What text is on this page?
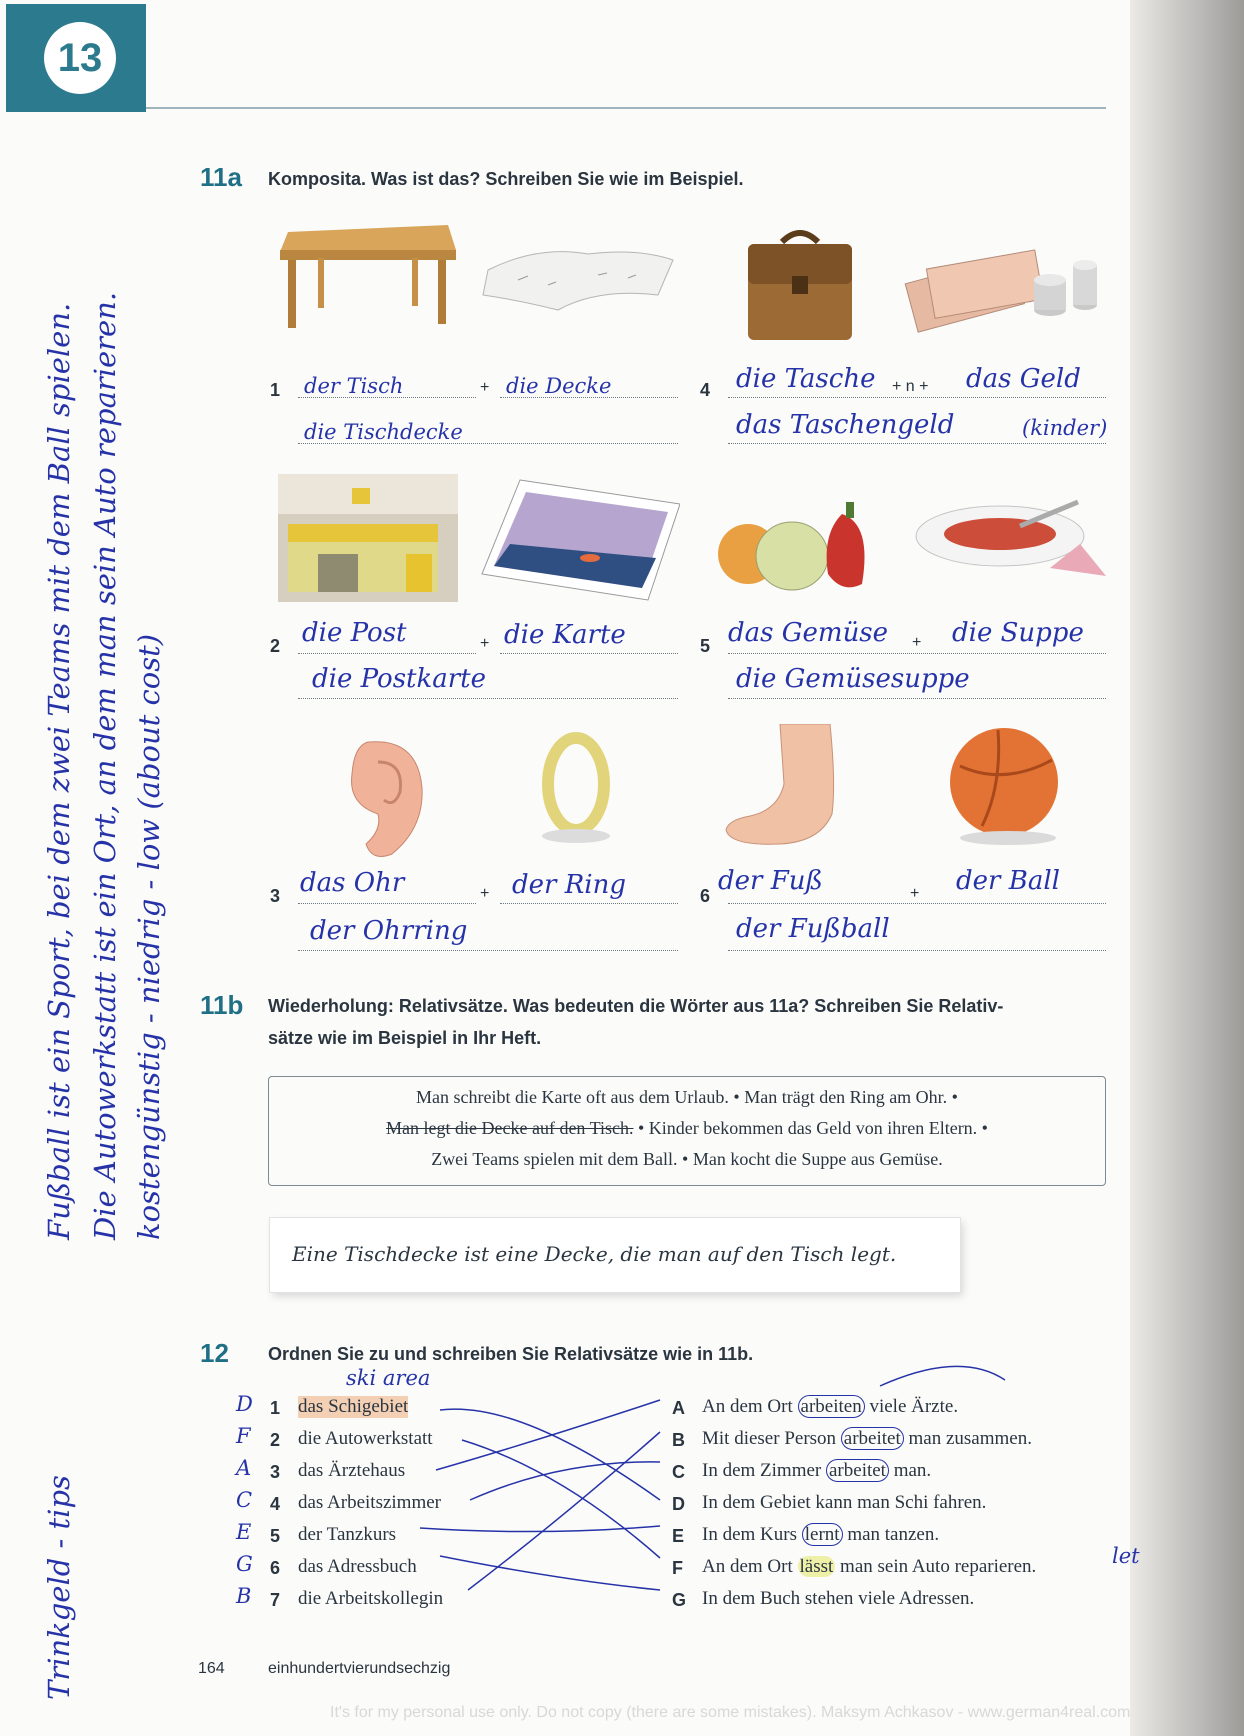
13
11a Komposita. Was ist das? Schreiben Sie wie im Beispiel.
1	+
der Tisch	die Decke
die Tischdecke
4 die Tasche + n + das Geld
das Taschengeld	(kinder)
2	+
die Post	die Karte
die Postkarte
5 das Gemüse + die Suppe
die Gemüsesuppe
3	+
das Ohr	der Ring
der Ohrring
6 der Fuß	+ der Ball
der Fußball
11b Wiederholung: Relativsätze. Was bedeuten die Wörter aus 11a? Schreiben Sie Relativ-
sätze wie im Beispiel in Ihr Heft.
Man schreibt die Karte oft aus dem Urlaub. • Man trägt den Ring am Ohr. •
Man legt die Decke auf den Tisch. • Kinder bekommen das Geld von ihren Eltern. •
Zwei Teams spielen mit dem Ball. • Man kocht die Suppe aus Gemüse.
Eine Tischdecke ist eine Decke, die man auf den Tisch legt.
12 Ordnen Sie zu und schreiben Sie Relativsätze wie in 11b.
ski area
D 1 das Schigebiet
F 2 die Autowerkstatt
A 3 das Ärztehaus
C 4 das Arbeitszimmer
E 5 der Tanzkurs
G 6 das Adressbuch
B 7 die Arbeitskollegin
A An dem Ort arbeiten viele Ärzte.
B Mit dieser Person arbeitet man zusammen.
C In dem Zimmer arbeitet man.
D In dem Gebiet kann man Schi fahren.
E In dem Kurs lernt man tanzen.
F An dem Ort lässt man sein Auto reparieren.
G In dem Buch stehen viele Adressen.
let
Fußball ist ein Sport, bei dem zwei Teams mit dem Ball spielen. Die Autowerkstatt ist ein Ort, an dem man sein Auto reparieren. kostengünstig - niedrig - low (about cost)
Trinkgeld - tips	164	einhundertvierundsechzig
It's for my personal use only. Do not copy (there are some mistakes). Maksym Achkasov - www.german4real.com
